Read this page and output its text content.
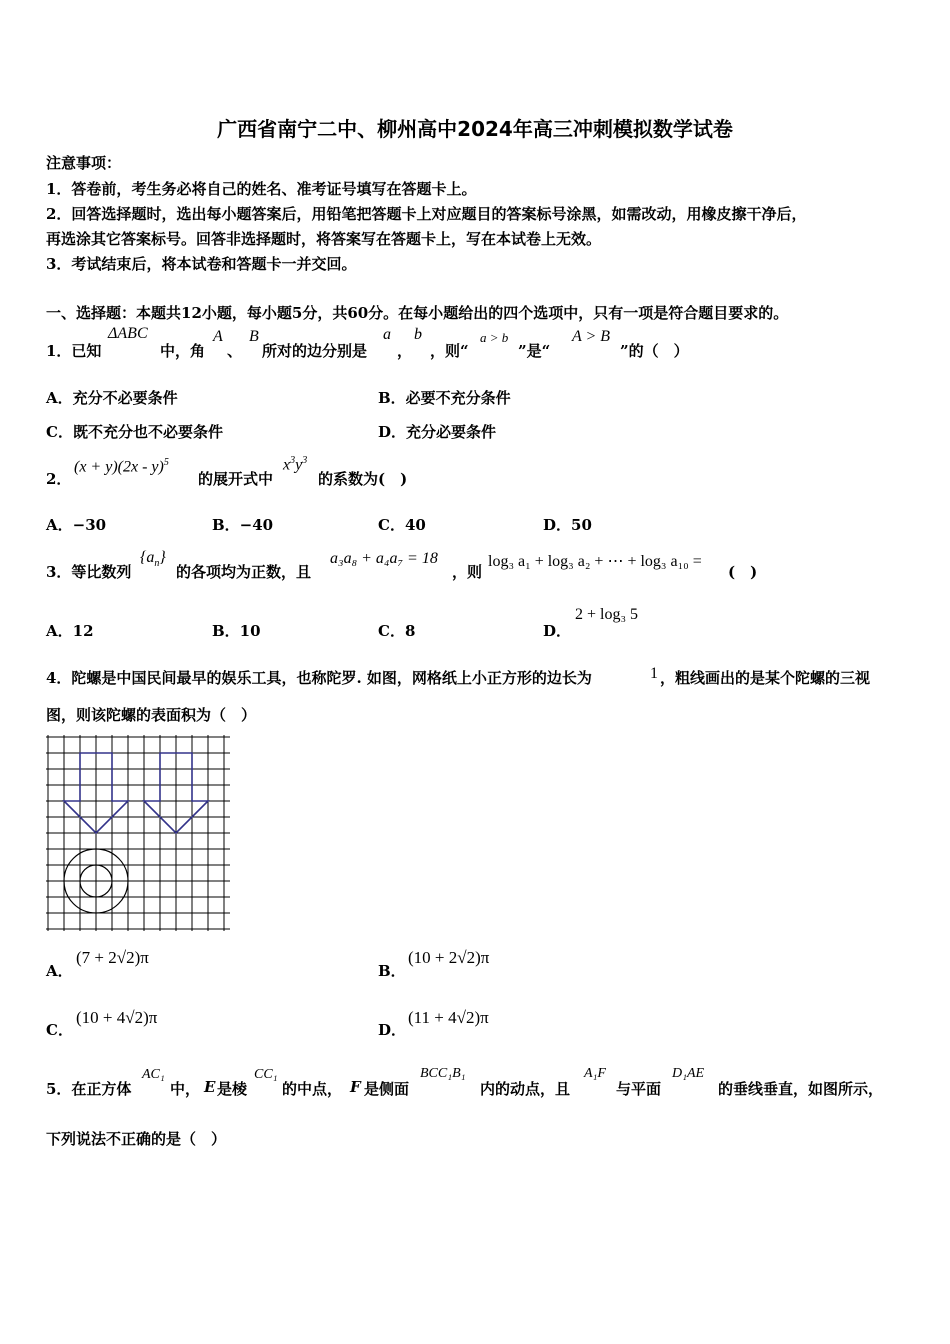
广西省南宁二中、柳州高中2024年高三冲刺模拟数学试卷
注意事项：
1．答卷前，考生务必将自己的姓名、准考证号填写在答题卡上。
2．回答选择题时，选出每小题答案后，用铅笔把答题卡上对应题目的答案标号涂黑，如需改动，用橡皮擦干净后，
再选涂其它答案标号。回答非选择题时，将答案写在答题卡上，写在本试卷上无效。
3．考试结束后，将本试卷和答题卡一并交回。
一、选择题：本题共12小题，每小题5分，共60分。在每小题给出的四个选项中，只有一项是符合题目要求的。
1．已知
ΔABC
中，角
A
、
B
所对的边分别是
a
，
b
，则“
a > b
”是“
A > B
”的（　）
A．充分不必要条件	B．必要不充分条件
C．既不充分也不必要条件	D．充分必要条件
2．
(x + y)(2x - y)$^5$
的展开式中
$x^3y^3$
的系数为(　)
A．−30	B．−40	C．40	D．50
3．等比数列
$\{a_n\}$
的各项均为正数，且
a₃a₈ + a₄a₇ = 18
，则
log₃ a₁ + log₃ a₂ + ⋯ + log₃ a₁₀ =
(　)
A．12	B．10	C．8	D．
2 + log₃ 5
4．陀螺是中国民间最早的娱乐工具，也称陀罗. 如图，网格纸上小正方形的边长为	1 ，粗线画出的是某个陀螺的三视
图，则该陀螺的表面积为（　）
A．
(7 + 2√2)π
B．
(10 + 2√2)π
C．
(10 + 4√2)π
D．
(11 + 4√2)π
5．在正方体
AC₁
中， E 是棱
CC₁
的中点， F 是侧面
BCC₁B₁
内的动点，且
A₁F
与平面
D₁AE
的垂线垂直，如图所示，
下列说法不正确的是（　）
